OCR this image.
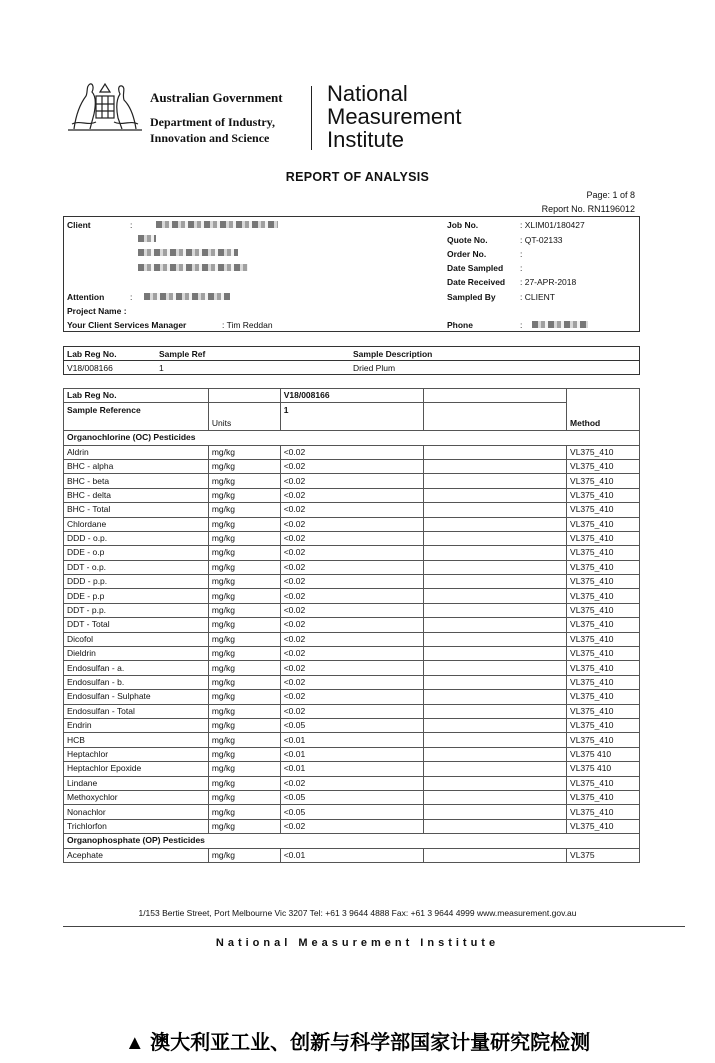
Australian Government
Department of Industry,
Innovation and Science
National
Measurement
Institute
REPORT OF ANALYSIS
Page: 1 of 8
Report No. RN1196012
Client	:
Attention	:
Project Name :
Your Client Services Manager	: Tim Reddan
Job No.	: XLIM01/180427
Quote No.	: QT-02133
Order No.	:
Date Sampled :
Date Received : 27-APR-2018
Sampled By	: CLIENT
Phone	:
Lab Reg No.	Sample Ref	Sample Description
V18/008166	1	Dried Plum
Lab Reg No.		V18/008166		Method
Sample Reference		1		
	Units			
Organochlorine (OC) Pesticides				
Aldrin	mg/kg	<0.02		VL375_410
BHC - alpha	mg/kg	<0.02		VL375_410
BHC - beta	mg/kg	<0.02		VL375_410
BHC - delta	mg/kg	<0.02		VL375_410
BHC - Total	mg/kg	<0.02		VL375_410
Chlordane	mg/kg	<0.02		VL375_410
DDD - o.p.	mg/kg	<0.02		VL375_410
DDE - o.p	mg/kg	<0.02		VL375_410
DDT - o.p.	mg/kg	<0.02		VL375_410
DDD - p.p.	mg/kg	<0.02		VL375_410
DDE - p.p	mg/kg	<0.02		VL375_410
DDT - p.p.	mg/kg	<0.02		VL375_410
DDT - Total	mg/kg	<0.02		VL375_410
Dicofol	mg/kg	<0.02		VL375_410
Dieldrin	mg/kg	<0.02		VL375_410
Endosulfan - a.	mg/kg	<0.02		VL375_410
Endosulfan - b.	mg/kg	<0.02		VL375_410
Endosulfan - Sulphate	mg/kg	<0.02		VL375_410
Endosulfan - Total	mg/kg	<0.02		VL375_410
Endrin	mg/kg	<0.05		VL375_410
HCB	mg/kg	<0.01		VL375_410
Heptachlor	mg/kg	<0.01		VL375 410
Heptachlor Epoxide	mg/kg	<0.01		VL375 410
Lindane	mg/kg	<0.02		VL375_410
Methoxychlor	mg/kg	<0.05		VL375_410
Nonachlor	mg/kg	<0.05		VL375_410
Trichlorfon	mg/kg	<0.02		VL375_410
Organophosphate (OP) Pesticides				
Acephate	mg/kg	<0.01		VL375
1/153 Bertie Street, Port Melbourne Vic 3207 Tel: +61 3 9644 4888 Fax: +61 3 9644 4999 www.measurement.gov.au
National Measurement Institute
▲ 澳大利亚工业、创新与科学部国家计量研究院检测
